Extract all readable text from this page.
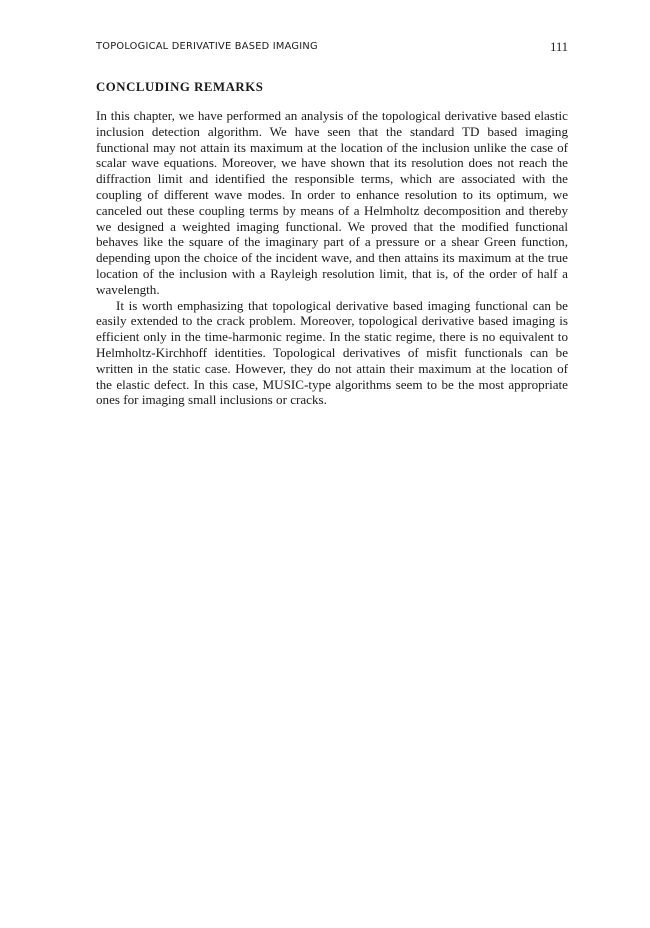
TOPOLOGICAL DERIVATIVE BASED IMAGING	111
CONCLUDING REMARKS

In this chapter, we have performed an analysis of the topological derivative based elastic inclusion detection algorithm. We have seen that the standard TD based imaging functional may not attain its maximum at the location of the inclusion unlike the case of scalar wave equations. Moreover, we have shown that its resolution does not reach the diffraction limit and identified the responsible terms, which are associated with the coupling of different wave modes. In order to enhance resolution to its optimum, we canceled out these coupling terms by means of a Helmholtz decomposition and thereby we designed a weighted imaging functional. We proved that the modified functional behaves like the square of the imaginary part of a pressure or a shear Green function, depending upon the choice of the incident wave, and then attains its maximum at the true location of the inclusion with a Rayleigh resolution limit, that is, of the order of half a wavelength.

It is worth emphasizing that topological derivative based imaging functional can be easily extended to the crack problem. Moreover, topological derivative based imaging is efficient only in the time-harmonic regime. In the static regime, there is no equivalent to Helmholtz-Kirchhoff identities. Topological derivatives of misfit functionals can be written in the static case. However, they do not attain their maximum at the location of the elastic defect. In this case, MUSIC-type algorithms seem to be the most appropriate ones for imaging small inclusions or cracks.
